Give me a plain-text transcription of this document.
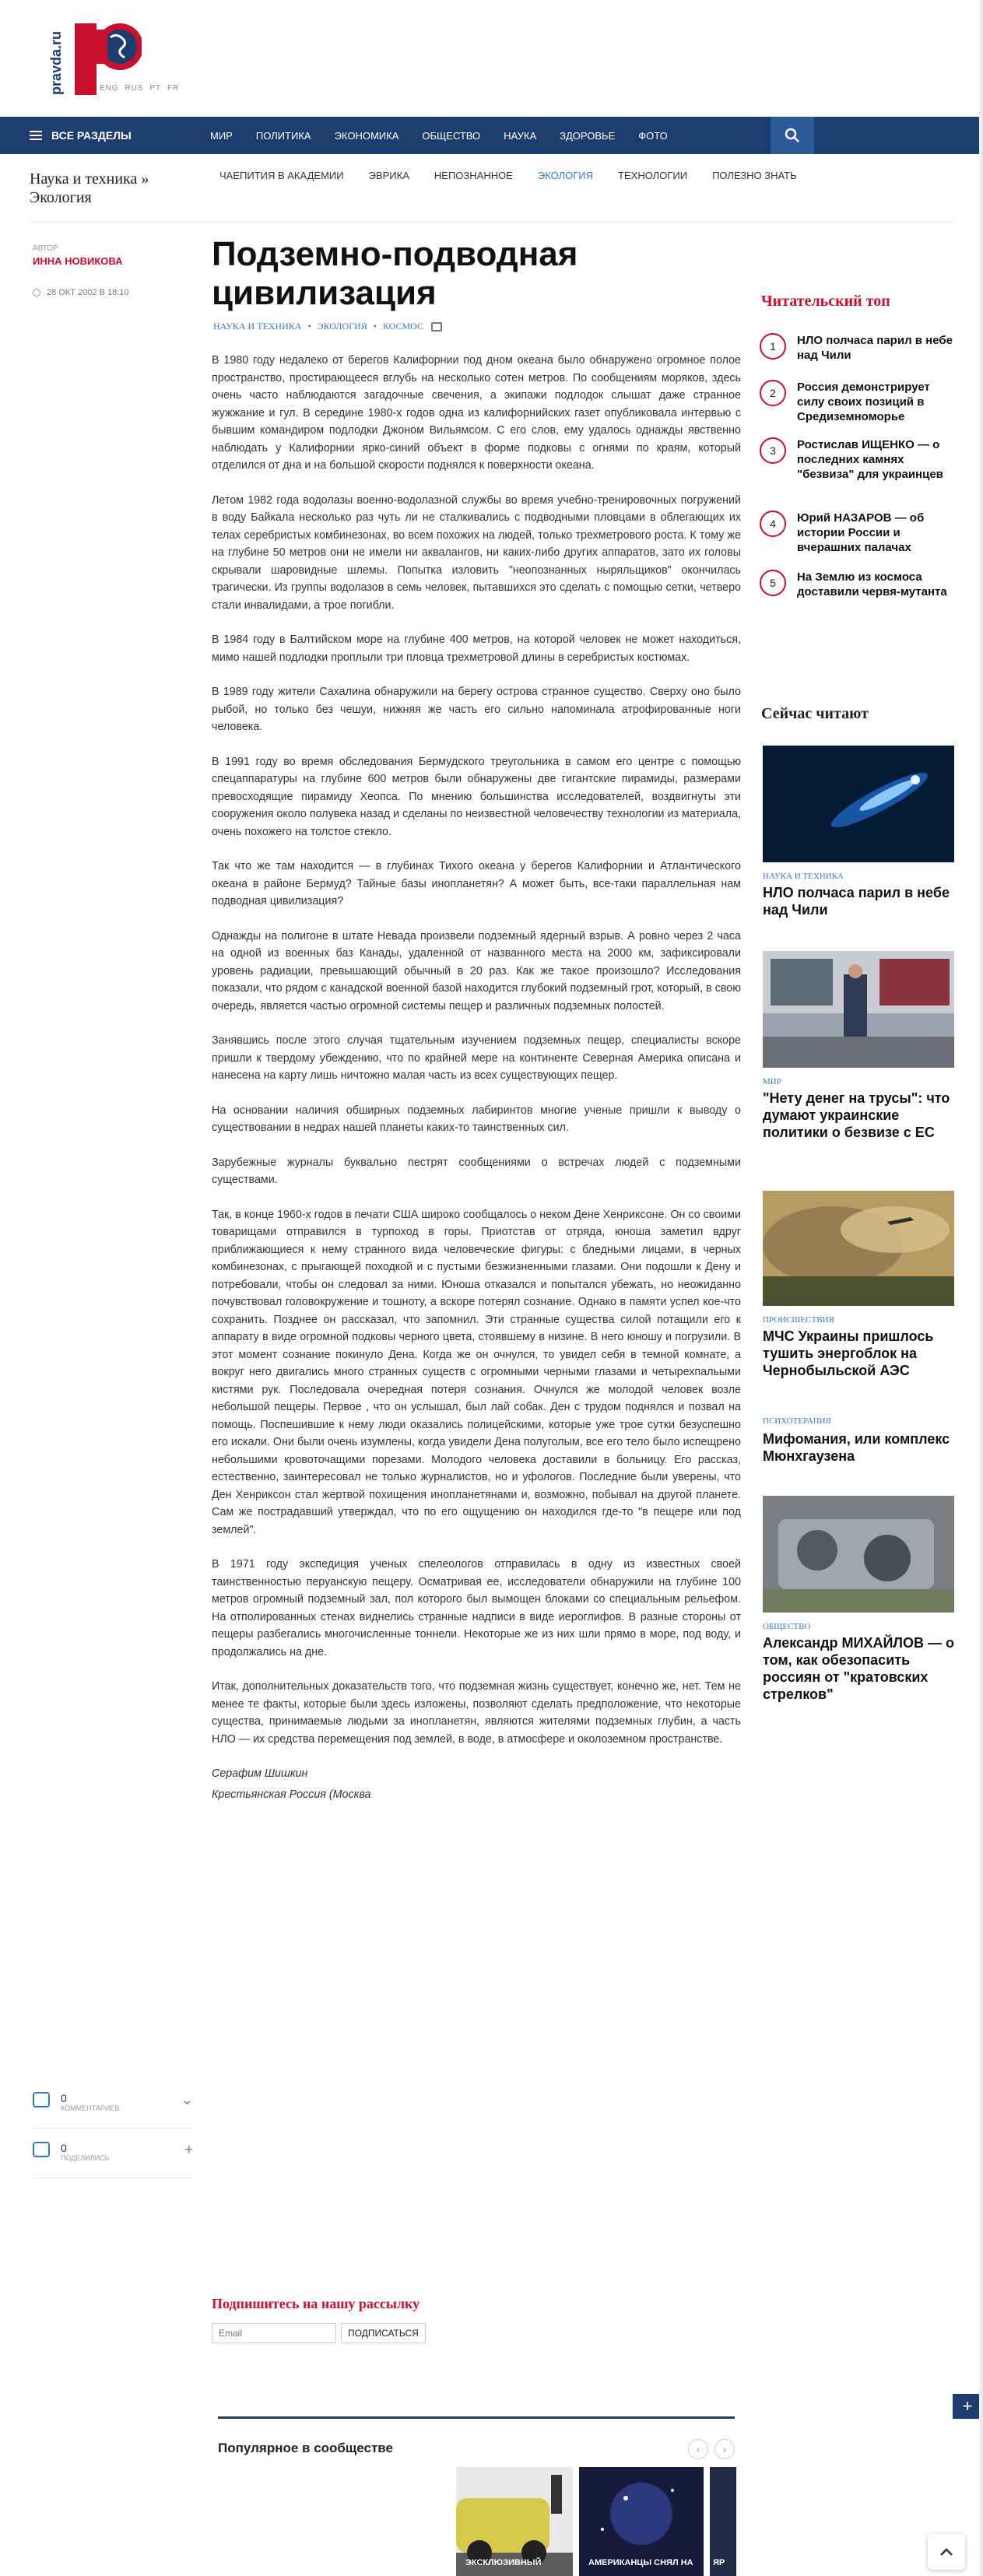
pravda.ru	ENG RUS PT FR
ВСЕ РАЗДЕЛЫ	МИР ПОЛИТИКА ЭКОНОМИКА ОБЩЕСТВО НАУКА ЗДОРОВЬЕ ФОТО
Наука и техника » Экология
ЧАЕПИТИЯ В АКАДЕМИИ ЭВРИКА НЕПОЗНАННОЕ ЭКОЛОГИЯ ТЕХНОЛОГИИ ПОЛЕЗНО ЗНАТЬ
АВТОР
ИННА НОВИКОВА
28 ОКТ 2002 В 18:10
Подземно-подводная цивилизация
НАУКА И ТЕХНИКА • ЭКОЛОГИЯ • КОСМОС

В 1980 году недалеко от берегов Калифорнии под дном океана было обнаружено огромное полое пространство, простирающееся вглубь на несколько сотен метров. По сообщениям моряков, здесь очень часто наблюдаются загадочные свечения, а экипажи подлодок слышат даже странное жужжание и гул. В середине 1980-х годов одна из калифорнийских газет опубликовала интервью с бывшим командиром подлодки Джоном Вильямсом. С его слов, ему удалось однажды явственно наблюдать у Калифорнии ярко-синий объект в форме подковы с огнями по краям, который отделился от дна и на большой скорости поднялся к поверхности океана.

Летом 1982 года водолазы военно-водолазной службы во время учебно-тренировочных погружений в воду Байкала несколько раз чуть ли не сталкивались с подводными пловцами в облегающих их телах серебристых комбинезонах, во всем похожих на людей, только трехметрового роста. К тому же на глубине 50 метров они не имели ни аквалангов, ни каких-либо других аппаратов, зато их головы скрывали шаровидные шлемы. Попытка изловить "неопознанных ныряльщиков" окончилась трагически. Из группы водолазов в семь человек, пытавшихся это сделать с помощью сетки, четверо стали инвалидами, а трое погибли.

В 1984 году в Балтийском море на глубине 400 метров, на которой человек не может находиться, мимо нашей подлодки проплыли три пловца трехметровой длины в серебристых костюмах.

В 1989 году жители Сахалина обнаружили на берегу острова странное существо. Сверху оно было рыбой, но только без чешуи, нижняя же часть его сильно напоминала атрофированные ноги человека.

В 1991 году во время обследования Бермудского треугольника в самом его центре с помощью спецаппаратуры на глубине 600 метров были обнаружены две гигантские пирамиды, размерами превосходящие пирамиду Хеопса. По мнению большинства исследователей, воздвигнуты эти сооружения около полувека назад и сделаны по неизвестной человечеству технологии из материала, очень похожего на толстое стекло.

Так что же там находится — в глубинах Тихого океана у берегов Калифорнии и Атлантического океана в районе Бермуд? Тайные базы инопланетян? А может быть, все-таки параллельная нам подводная цивилизация?

Однажды на полигоне в штате Невада произвели подземный ядерный взрыв. А ровно через 2 часа на одной из военных баз Канады, удаленной от названного места на 2000 км, зафиксировали уровень радиации, превышающий обычный в 20 раз. Как же такое произошло? Исследования показали, что рядом с канадской военной базой находится глубокий подземный грот, который, в свою очередь, является частью огромной системы пещер и различных подземных полостей.

Занявшись после этого случая тщательным изучением подземных пещер, специалисты вскоре пришли к твердому убеждению, что по крайней мере на континенте Северная Америка описана и нанесена на карту лишь ничтожно малая часть из всех существующих пещер.

На основании наличия обширных подземных лабиринтов многие ученые пришли к выводу о существовании в недрах нашей планеты каких-то таинственных сил.

Зарубежные журналы буквально пестрят сообщениями о встречах людей с подземными существами.

Так, в конце 1960-х годов в печати США широко сообщалось о неком Дене Хенриксоне. Он со своими товарищами отправился в турпоход в горы. Приотстав от отряда, юноша заметил вдруг приближающиеся к нему странного вида человеческие фигуры: с бледными лицами, в черных комбинезонах, с прыгающей походкой и с пустыми безжизненными глазами. Они подошли к Дену и потребовали, чтобы он следовал за ними. Юноша отказался и попытался убежать, но неожиданно почувствовал головокружение и тошноту, а вскоре потерял сознание. Однако в памяти успел кое-что сохранить. Позднее он рассказал, что запомнил. Эти странные существа силой потащили его к аппарату в виде огромной подковы черного цвета, стоявшему в низине. В него юношу и погрузили. В этот момент сознание покинуло Дена. Когда же он очнулся, то увидел себя в темной комнате, а вокруг него двигались много странных существ с огромными черными глазами и четырехпальыми кистями рук. Последовала очередная потеря сознания. Очнулся же молодой человек возле небольшой пещеры. Первое , что он услышал, был лай собак. Ден с трудом поднялся и позвал на помощь. Поспешившие к нему люди оказались полицейскими, которые уже трое сутки безуспешно его искали. Они были очень изумлены, когда увидели Дена полуголым, все его тело было испещрено небольшими кровоточащими порезами. Молодого человека доставили в больницу. Его рассказ, естественно, заинтересовал не только журналистов, но и уфологов. Последние были уверены, что Ден Хенриксон стал жертвой похищения инопланетянами и, возможно, побывал на другой планете. Сам же пострадавший утверждал, что по его ощущению он находился где-то "в пещере или под землей".

В 1971 году экспедиция ученых спелеологов отправилась в одну из известных своей таинственностью перуанскую пещеру. Осматривая ее, исследователи обнаружили на глубине 100 метров огромный подземный зал, пол которого был вымощен блоками со специальным рельефом. На отполированных стенах виднелись странные надписи в виде иероглифов. В разные стороны от пещеры разбегались многочисленные тоннели. Некоторые же из них шли прямо в море, под воду, и продолжались на дне.

Итак, дополнительных доказательств того, что подземная жизнь существует, конечно же, нет. Тем не менее те факты, которые были здесь изложены, позволяют сделать предположение, что некоторые существа, принимаемые людьми за инопланетян, являются жителями подземных глубин, а часть НЛО — их средства перемещения под землей, в воде, в атмосфере и околоземном пространстве.

Серафим Шишкин

Крестьянская Россия (Москва

0
КОММЕНТАРИЕВ
⌄
0
ПОДЕЛИЛИСЬ
+
Подпишитесь на нашу рассылку
Email
ПОДПИСАТЬСЯ
Читательский топ
1	НЛО полчаса парил в небе над Чили
2	Россия демонстрирует силу своих позиций в Средиземноморье
3	Ростислав ИЩЕНКО — о последних камнях "безвиза" для украинцев
4	Юрий НАЗАРОВ — об истории России и вчерашних палачах
5	На Землю из космоса доставили червя-мутанта
Сейчас читают
НАУКА И ТЕХНИКА
НЛО полчаса парил в небе над Чили
МИР
"Нету денег на трусы": что думают украинские политики о безвизе с ЕС
ПРОИСШЕСТВИЯ
МЧС Украины пришлось тушить энергоблок на Чернобыльской АЭС
ПСИХОТЕРАПИЯ
Мифомания, или комплекс Мюнхгаузена
ОБЩЕСТВО
Александр МИХАЙЛОВ — о том, как обезопасить россиян от "кратовских стрелков"
Популярное в сообществе	‹ ›
ЭКСКЛЮЗИВНЫЙ	АМЕРИКАНЦЫ СНЯЛ НА ЯР
+
